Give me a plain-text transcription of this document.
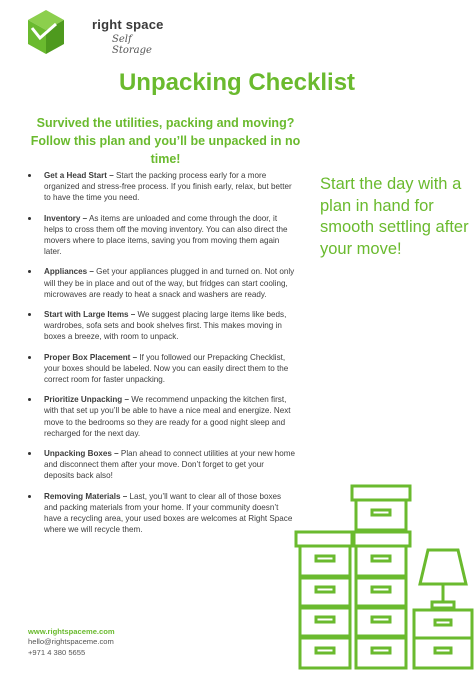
right space
Self Storage
Unpacking Checklist
Survived the utilities, packing and moving? Follow this plan and you’ll be unpacked in no time!
Get a Head Start – Start the packing process early for a more organized and stress-free process. If you finish early, relax, but better to have the time you need.
Inventory – As items are unloaded and come through the door, it helps to cross them off the moving inventory. You can also direct the movers where to place items, saving you from moving them again later.
Appliances – Get your appliances plugged in and turned on. Not only will they be in place and out of the way, but fridges can start cooling, microwaves are ready to heat a snack and washers are ready.
Start with Large Items – We suggest placing large items like beds, wardrobes, sofa sets and book shelves first. This makes moving in boxes a breeze, with room to unpack.
Proper Box Placement – If you followed our Prepacking Checklist, your boxes should be labeled. Now you can easily direct them to the correct room for faster unpacking.
Prioritize Unpacking – We recommend unpacking the kitchen first, with that set up you’ll be able to have a nice meal and energize. Next move to the bedrooms so they are ready for a good night sleep and recharged for the next day.
Unpacking Boxes – Plan ahead to connect utilities at your new home and disconnect them after your move. Don’t forget to get your deposits back also!
Removing Materials – Last, you’ll want to clear all of those boxes and packing materials from your home. If your community doesn’t have a recycling area, your used boxes are welcomes at Right Space where we will recycle them.
Start the day with a plan in hand for smooth settling after your move!
www.rightspaceme.com
hello@rightspaceme.com
+971 4 380 5655
